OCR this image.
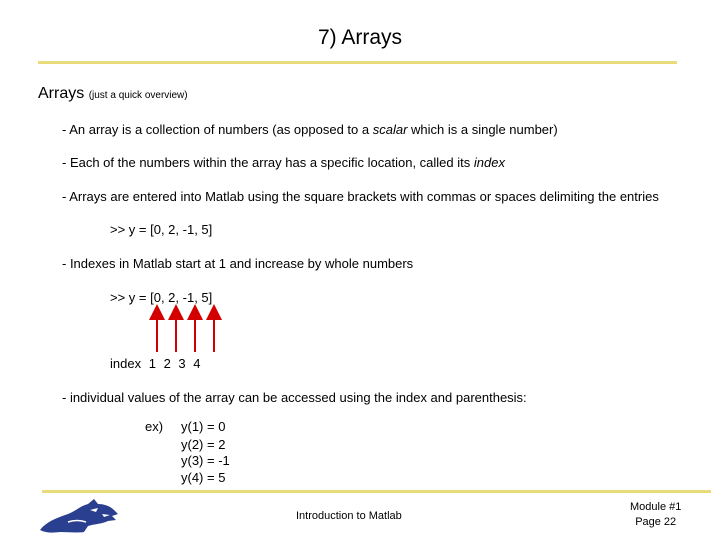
7) Arrays
Arrays (just a quick overview)
- An array is a collection of numbers (as opposed to a scalar which is a single number)
- Each of the numbers within the array has a specific location, called its index
- Arrays are entered into Matlab using the square brackets with commas or spaces delimiting the entries
>> y = [0, 2, -1, 5]
- Indexes in Matlab start at 1 and increase by whole numbers
>> y = [0, 2, -1, 5]
index 1 2 3 4
- individual values of the array can be accessed using the index and parenthesis:
ex) y(1) = 0
y(2) = 2
y(3) = -1
y(4) = 5
Introduction to Matlab
Module #1
Page 22
